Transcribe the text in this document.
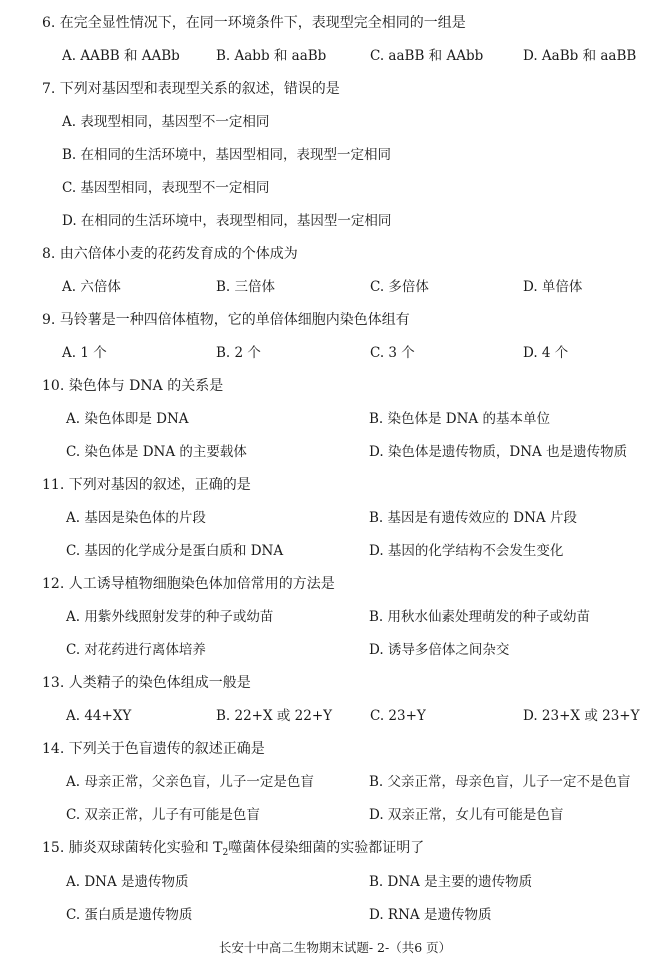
6. 在完全显性情况下，在同一环境条件下，表现型完全相同的一组是
A. AABB 和 AABb	B. Aabb 和 aaBb	C. aaBB 和 AAbb	D. AaBb 和 aaBB
7. 下列对基因型和表现型关系的叙述，错误的是
A. 表现型相同，基因型不一定相同
B. 在相同的生活环境中，基因型相同，表现型一定相同
C. 基因型相同，表现型不一定相同
D. 在相同的生活环境中，表现型相同，基因型一定相同
8. 由六倍体小麦的花药发育成的个体成为
A. 六倍体	B. 三倍体	C. 多倍体	D. 单倍体
9. 马铃薯是一种四倍体植物，它的单倍体细胞内染色体组有
A. 1 个	B. 2 个	C. 3 个	D. 4 个
10. 染色体与 DNA 的关系是
A. 染色体即是 DNA	B. 染色体是 DNA 的基本单位
C. 染色体是 DNA 的主要载体	D. 染色体是遗传物质，DNA 也是遗传物质
11. 下列对基因的叙述，正确的是
A. 基因是染色体的片段	B. 基因是有遗传效应的 DNA 片段
C. 基因的化学成分是蛋白质和 DNA	D. 基因的化学结构不会发生变化
12. 人工诱导植物细胞染色体加倍常用的方法是
A. 用紫外线照射发芽的种子或幼苗	B. 用秋水仙素处理萌发的种子或幼苗
C. 对花药进行离体培养	D. 诱导多倍体之间杂交
13. 人类精子的染色体组成一般是
A. 44+XY	B. 22+X 或 22+Y	C. 23+Y	D. 23+X 或 23+Y
14. 下列关于色盲遗传的叙述正确是
A. 母亲正常，父亲色盲，儿子一定是色盲	B. 父亲正常，母亲色盲，儿子一定不是色盲
C. 双亲正常，儿子有可能是色盲	D. 双亲正常，女儿有可能是色盲
15. 肺炎双球菌转化实验和 $T_2$噬菌体侵染细菌的实验都证明了
A. DNA 是遗传物质	B. DNA 是主要的遗传物质
C. 蛋白质是遗传物质	D. RNA 是遗传物质
长安十中高二生物期末试题- 2-（共6 页）
